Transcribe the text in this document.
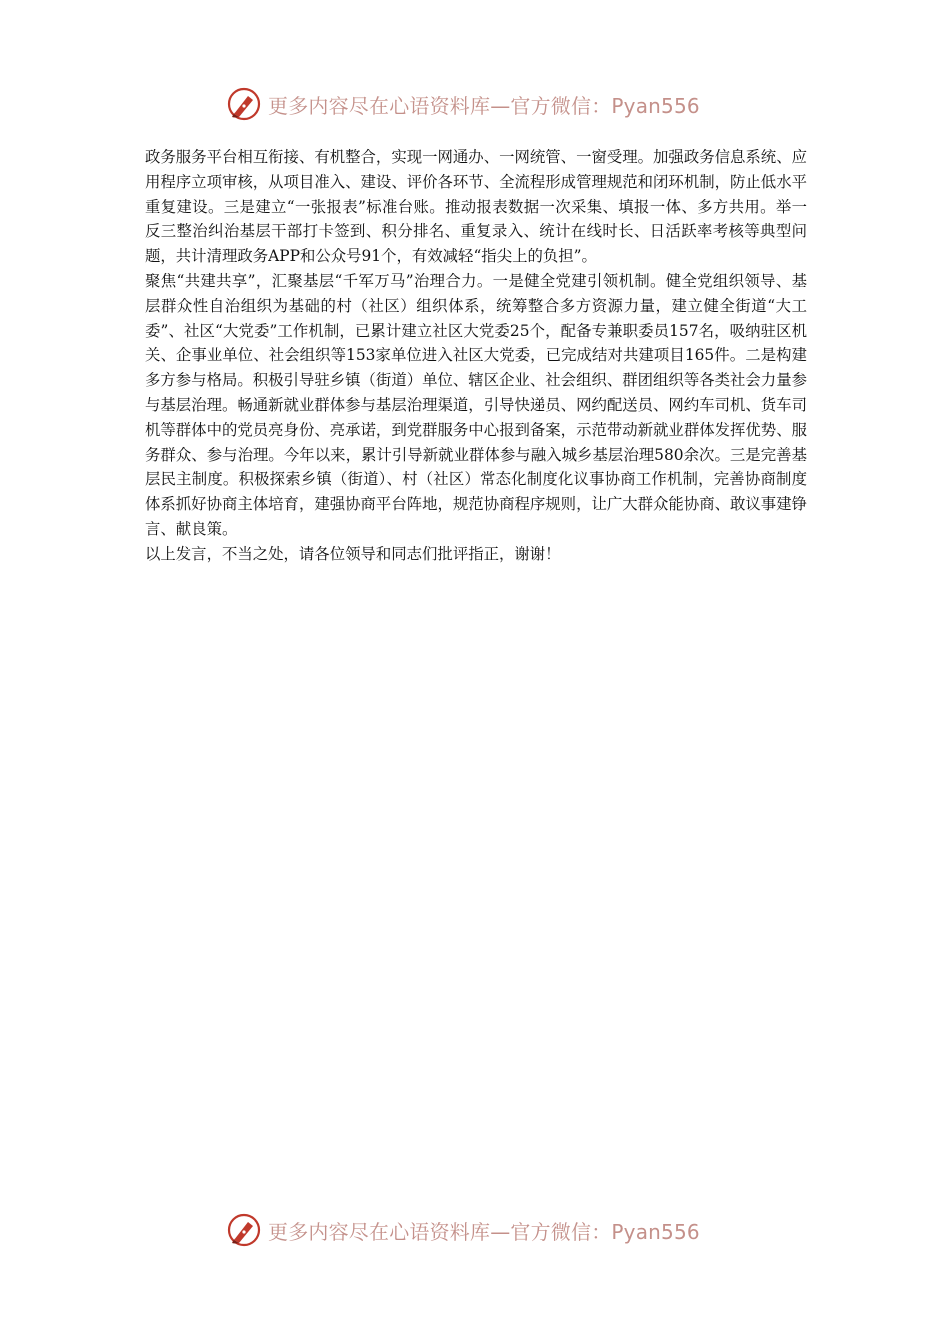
更多内容尽在心语资料库—官方微信：Pyan556

政务服务平台相互衔接、有机整合，实现一网通办、一网统管、一窗受理。加强政务信息系统、应用程序立项审核，从项目准入、建设、评价各环节、全流程形成管理规范和闭环机制，防止低水平重复建设。三是建立“一张报表”标准台账。推动报表数据一次采集、填报一体、多方共用。举一反三整治纠治基层干部打卡签到、积分排名、重复录入、统计在线时长、日活跃率考核等典型问题，共计清理政务APP和公众号91个，有效减轻“指尖上的负担”。

聚焦“共建共享”，汇聚基层“千军万马”治理合力。一是健全党建引领机制。健全党组织领导、基层群众性自治组织为基础的村（社区）组织体系，统筹整合多方资源力量，建立健全街道“大工委”、社区“大党委”工作机制，已累计建立社区大党委25个，配备专兼职委员157名，吸纳驻区机关、企事业单位、社会组织等153家单位进入社区大党委，已完成结对共建项目165件。二是构建多方参与格局。积极引导驻乡镇（街道）单位、辖区企业、社会组织、群团组织等各类社会力量参与基层治理。畅通新就业群体参与基层治理渠道，引导快递员、网约配送员、网约车司机、货车司机等群体中的党员亮身份、亮承诺，到党群服务中心报到备案，示范带动新就业群体发挥优势、服务群众、参与治理。今年以来，累计引导新就业群体参与融入城乡基层治理580余次。三是完善基层民主制度。积极探索乡镇（街道）、村（社区）常态化制度化议事协商工作机制，完善协商制度体系抓好协商主体培育，建强协商平台阵地，规范协商程序规则，让广大群众能协商、敢议事建铮言、献良策。

以上发言，不当之处，请各位领导和同志们批评指正，谢谢！

更多内容尽在心语资料库—官方微信：Pyan556
